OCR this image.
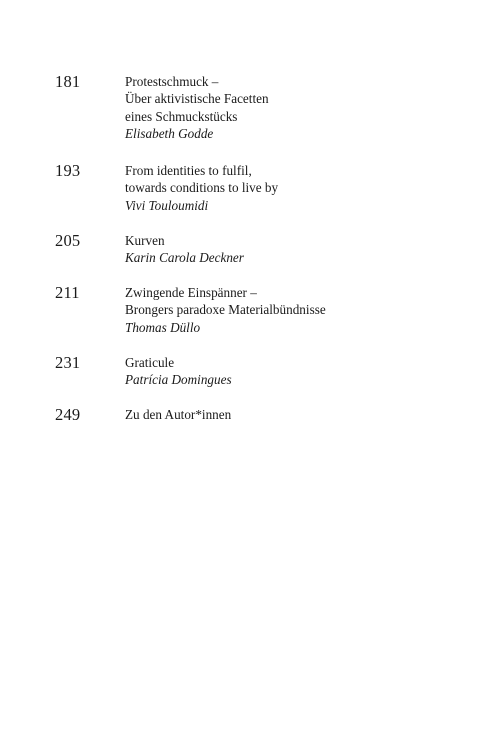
181	Protestschmuck –
Über aktivistische Facetten
eines Schmuckstücks
Elisabeth Godde
193	From identities to fulfil,
towards conditions to live by
Vivi Touloumidi
205	Kurven
Karin Carola Deckner
211	Zwingende Einspänner –
Brongers paradoxe Materialbündnisse
Thomas Düllo
231	Graticule
Patrícia Domingues
249	Zu den Autor*innen
